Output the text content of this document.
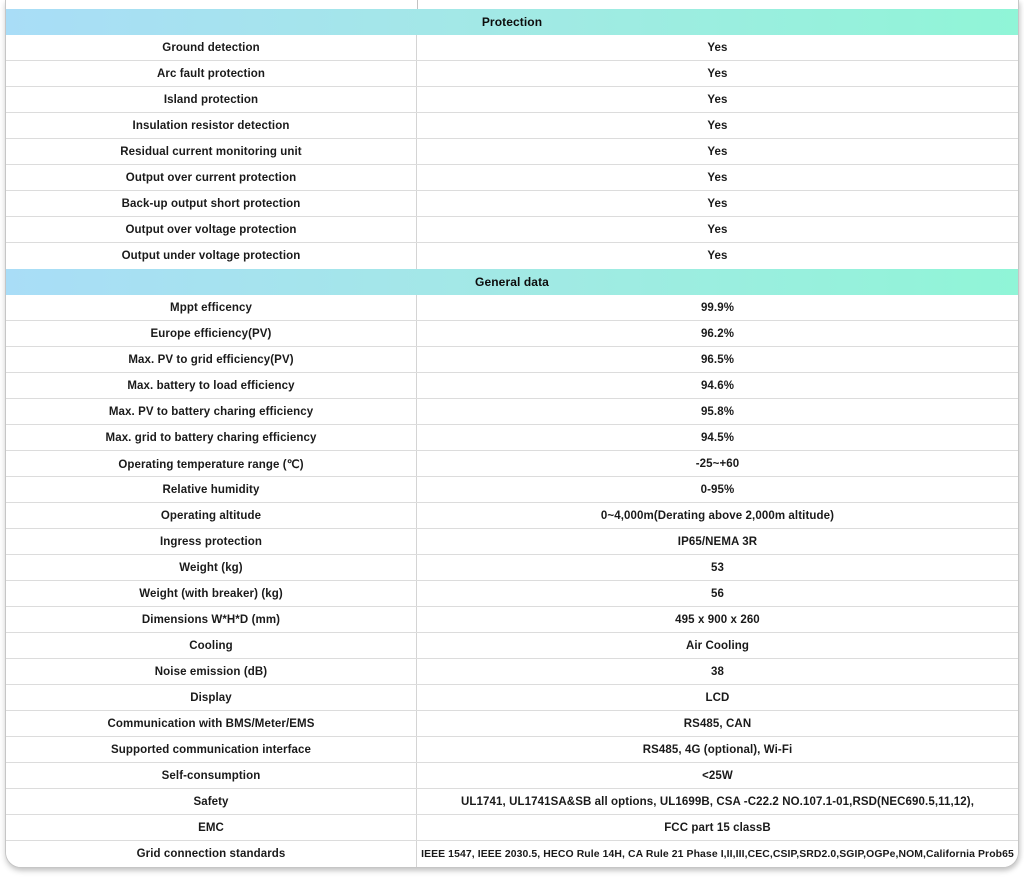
Protection
Ground detection	Yes
Arc fault protection	Yes
Island protection	Yes
Insulation resistor detection	Yes
Residual current monitoring unit	Yes
Output over current protection	Yes
Back-up output short protection	Yes
Output over voltage protection	Yes
Output under voltage protection	Yes
General data
Mppt efficency	99.9%
Europe efficiency(PV)	96.2%
Max. PV to grid efficiency(PV)	96.5%
Max. battery to load efficiency	94.6%
Max. PV to battery charing efficiency	95.8%
Max. grid to battery charing efficiency	94.5%
Operating temperature range (℃)	-25~+60
Relative humidity	0-95%
Operating altitude	0~4,000m(Derating above 2,000m altitude)
Ingress protection	IP65/NEMA 3R
Weight (kg)	53
Weight (with breaker) (kg)	56
Dimensions W*H*D (mm)	495 x 900 x 260
Cooling	Air Cooling
Noise emission (dB)	38
Display	LCD
Communication with BMS/Meter/EMS	RS485, CAN
Supported communication interface	RS485, 4G (optional), Wi-Fi
Self-consumption	<25W
Safety	UL1741, UL1741SA&SB all options, UL1699B, CSA -C22.2 NO.107.1-01,RSD(NEC690.5,11,12),
EMC	FCC part 15 classB
Grid connection standards	IEEE 1547, IEEE 2030.5, HECO Rule 14H, CA Rule 21 Phase I,II,III,CEC,CSIP,SRD2.0,SGIP,OGPe,NOM,California Prob65
